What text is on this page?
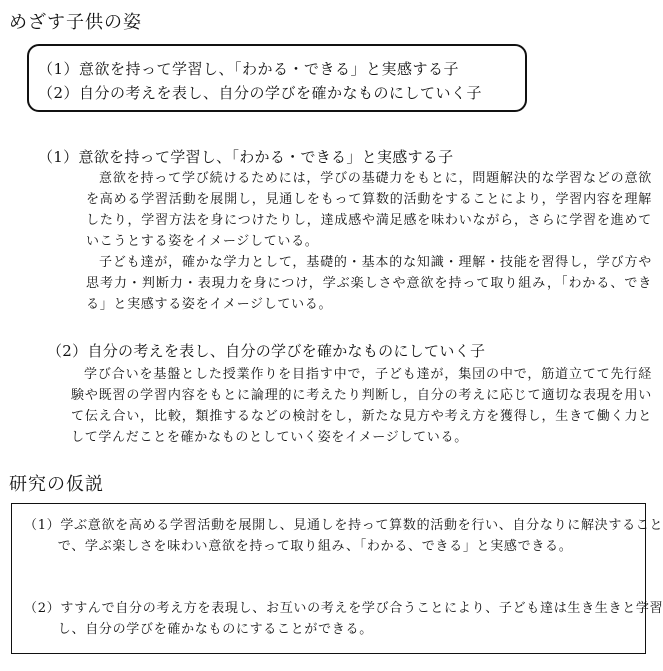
めざす子供の姿
（1）意欲を持って学習し、「わかる・できる」と実感する子
（2）自分の考えを表し、自分の学びを確かなものにしていく子
（1）意欲を持って学習し、「わかる・できる」と実感する子

意欲を持って学び続けるためには，学びの基礎力をもとに，問題解決的な学習などの意欲を高める学習活動を展開し，見通しをもって算数的活動をすることにより，学習内容を理解したり，学習方法を身につけたりし，達成感や満足感を味わいながら，さらに学習を進めていこうとする姿をイメージしている。

子ども達が，確かな学力として，基礎的・基本的な知識・理解・技能を習得し，学び方や思考力・判断力・表現力を身につけ，学ぶ楽しさや意欲を持って取り組み，「わかる、できる」と実感する姿をイメージしている。

（2）自分の考えを表し、自分の学びを確かなものにしていく子

学び合いを基盤とした授業作りを目指す中で，子ども達が，集団の中で，筋道立てて先行経験や既習の学習内容をもとに論理的に考えたり判断し，自分の考えに応じて適切な表現を用いて伝え合い，比較，類推するなどの検討をし，新たな見方や考え方を獲得し，生きて働く力として学んだことを確かなものとしていく姿をイメージしている。

研究の仮説
（1）学ぶ意欲を高める学習活動を展開し、見通しを持って算数的活動を行い、自分なりに解決することで、学ぶ楽しさを味わい意欲を持って取り組み、「わかる、できる」と実感できる。
（2）すすんで自分の考え方を表現し、お互いの考えを学び合うことにより、子ども達は生き生きと学習し、自分の学びを確かなものにすることができる。
